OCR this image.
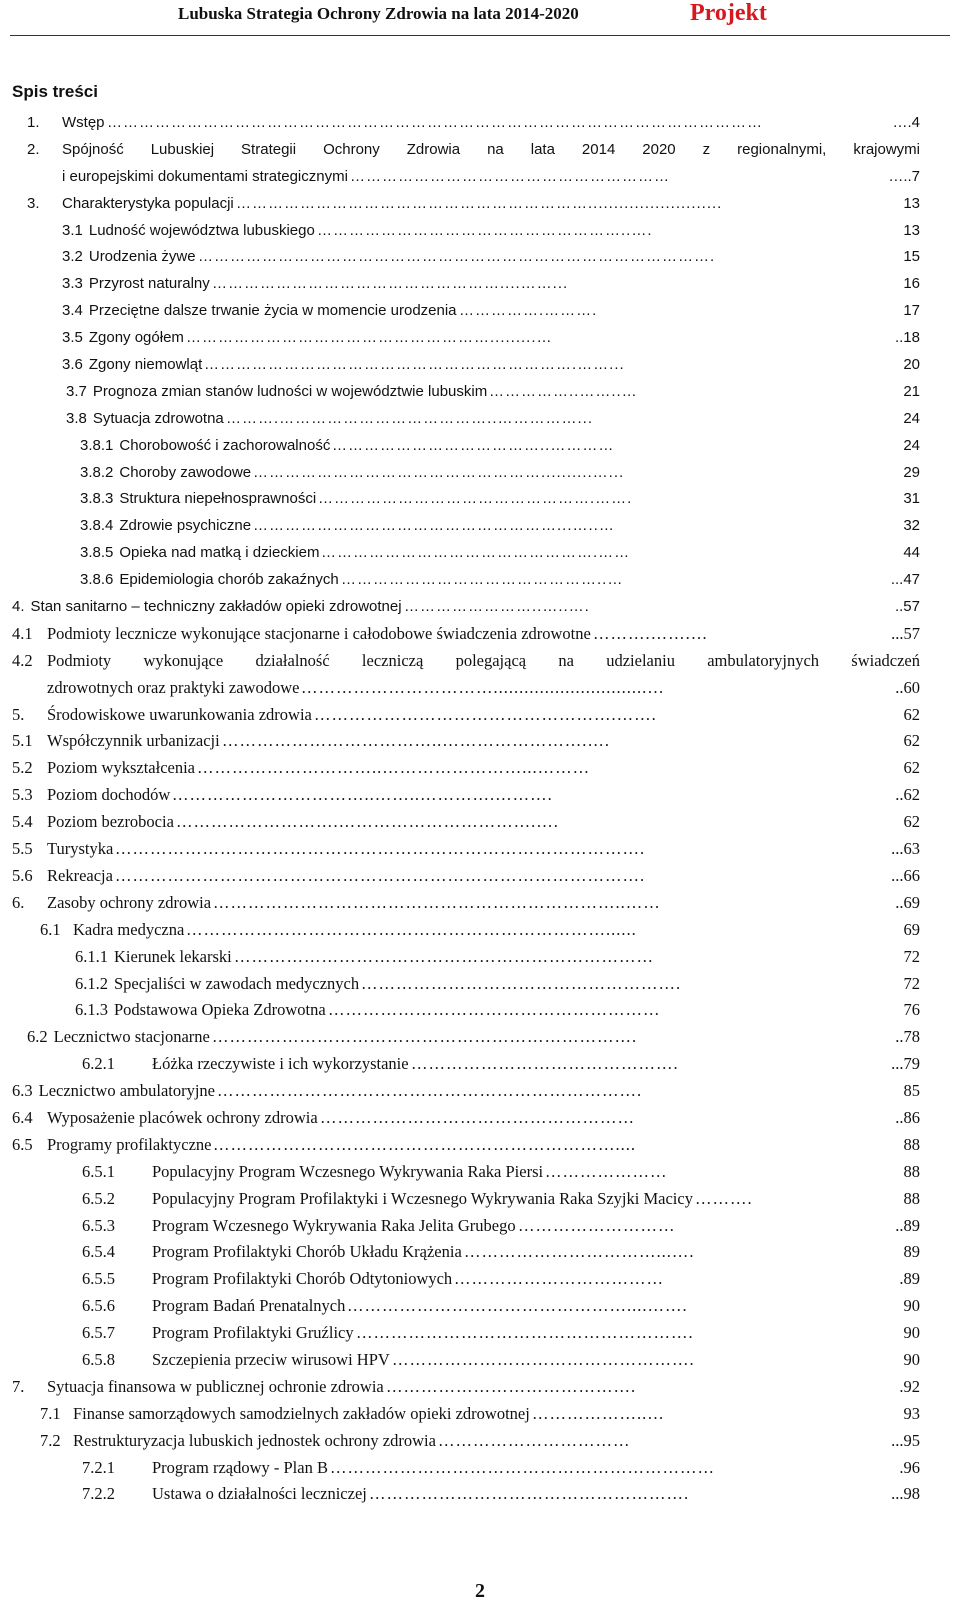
Lubuska Strategia Ochrony Zdrowia na lata 2014-2020	Projekt
Spis treści
1. Wstęp ……………………………………………………………………………………………………………	….4
2. Spójność Lubuskiej Strategii Ochrony Zdrowia na lata 2014 2020 z regionalnymi, krajowymi
i europejskimi dokumentami strategicznymi ……………………………………………………	…..7
3. Charakterystyka populacji …………………………………………………………..........................	13
3.1 Ludność województwa lubuskiego …………………………………………………..….	13
3.2 Urodzenia żywe …………………………………………………………………………………….	15
3.3 Przyrost naturalny ………………………………………………....……...	16
3.4 Przeciętne dalsze trwanie życia w momencie urodzenia …………….……….	17
3.5 Zgony ogółem ………………………………………………….........…	..18
3.6 Zgony niemowląt …………………………………………………………….……...	20
3.7 Prognoza zmian stanów ludności w województwie lubuskim ……………..……..…	21
3.8 Sytuacja zdrowotna ……….…………………………………..……………...	24
3.8.1 Chorobowość i zachorowalność …………………………………..…………	24
3.8.2 Choroby zawodowe ………………………………………………..........…...	29
3.8.3 Struktura niepełnosprawności …………………………………………….…….	31
3.8.4 Zdrowie psychiczne …………………………………………………...…..…	32
3.8.5 Opieka nad matką i dzieckiem …………………………………………….……	44
3.8.6 Epidemiologia chorób zakaźnych …………………………………………..…	...47
4. Stan sanitarno – techniczny zakładów opieki zdrowotnej ……………………..…..….	..57
4.1 Podmioty lecznicze wykonujące stacjonarne i całodobowe świadczenia zdrowotne ……….…….…	...57
4.2 Podmioty wykonujące działalność leczniczą polegającą na udzielaniu ambulatoryjnych świadczeń
zdrowotnych oraz praktyki zawodowe ……………………………..............................…	..60
5. Środowiskowe uwarunkowania zdrowia …………………………………………….…….	62
5.1 Współczynnik urbanizacji ………………………………..…………………….….	62
5.2 Poziom wykształcenia …………………………..……………………...………	62
5.3 Poziom dochodów ……………………………..……..………….……….	..62
5.4 Poziom bezrobocia ……………………….…………………………….….	62
5.5 Turystyka ……………………………………………………………………………….	...63
5.6 Rekreacja ……………………………………………………………………………….	...66
6. Zasoby ochrony zdrowia ……………………………………………………………..……	..69
6.1 Kadra medyczna ………………………………………………………………......	69
6.1.1 Kierunek lekarski ………………………………………………………………	72
6.1.2 Specjaliści w zawodach medycznych ……………………………………………….	72
6.1.3 Podstawowa Opieka Zdrowotna …………………………………………………	76
6.2 Lecznictwo stacjonarne ……………………………………………………………….	..78
6.2.1 Łóżka rzeczywiste i ich wykorzystanie ……………………………………….	...79
6.3 Lecznictwo ambulatoryjne ……………………………………………………………….	85
6.4 Wyposażenie placówek ochrony zdrowia ………………………………………………	..86
6.5 Programy profilaktyczne ……………………………………………………………....	88
6.5.1 Populacyjny Program Wczesnego Wykrywania Raka Piersi …………………	88
6.5.2 Populacyjny Program Profilaktyki i Wczesnego Wykrywania Raka Szyjki Macicy ……….	88
6.5.3 Program Wczesnego Wykrywania Raka Jelita Grubego ………………………	..89
6.5.4 Program Profilaktyki Chorób Układu Krążenia ……………………………...….	89
6.5.5 Program Profilaktyki Chorób Odtytoniowych ………………………………	.89
6.5.6 Program Badań Prenatalnych …………………………………………....…….	90
6.5.7 Program Profilaktyki Gruźlicy ………………………………………………….	90
6.5.8 Szczepienia przeciw wirusowi HPV …………………………………………….	90
7. Sytuacja finansowa w publicznej ochronie zdrowia …………………………………….	.92
7.1 Finanse samorządowych samodzielnych zakładów opieki zdrowotnej ………………..…	93
7.2 Restrukturyzacja lubuskich jednostek ochrony zdrowia ……………………………	...95
7.2.1 Program rządowy - Plan B …………………………………………………………	.96
7.2.2 Ustawa o działalności leczniczej ……………………………………………….	...98
2
